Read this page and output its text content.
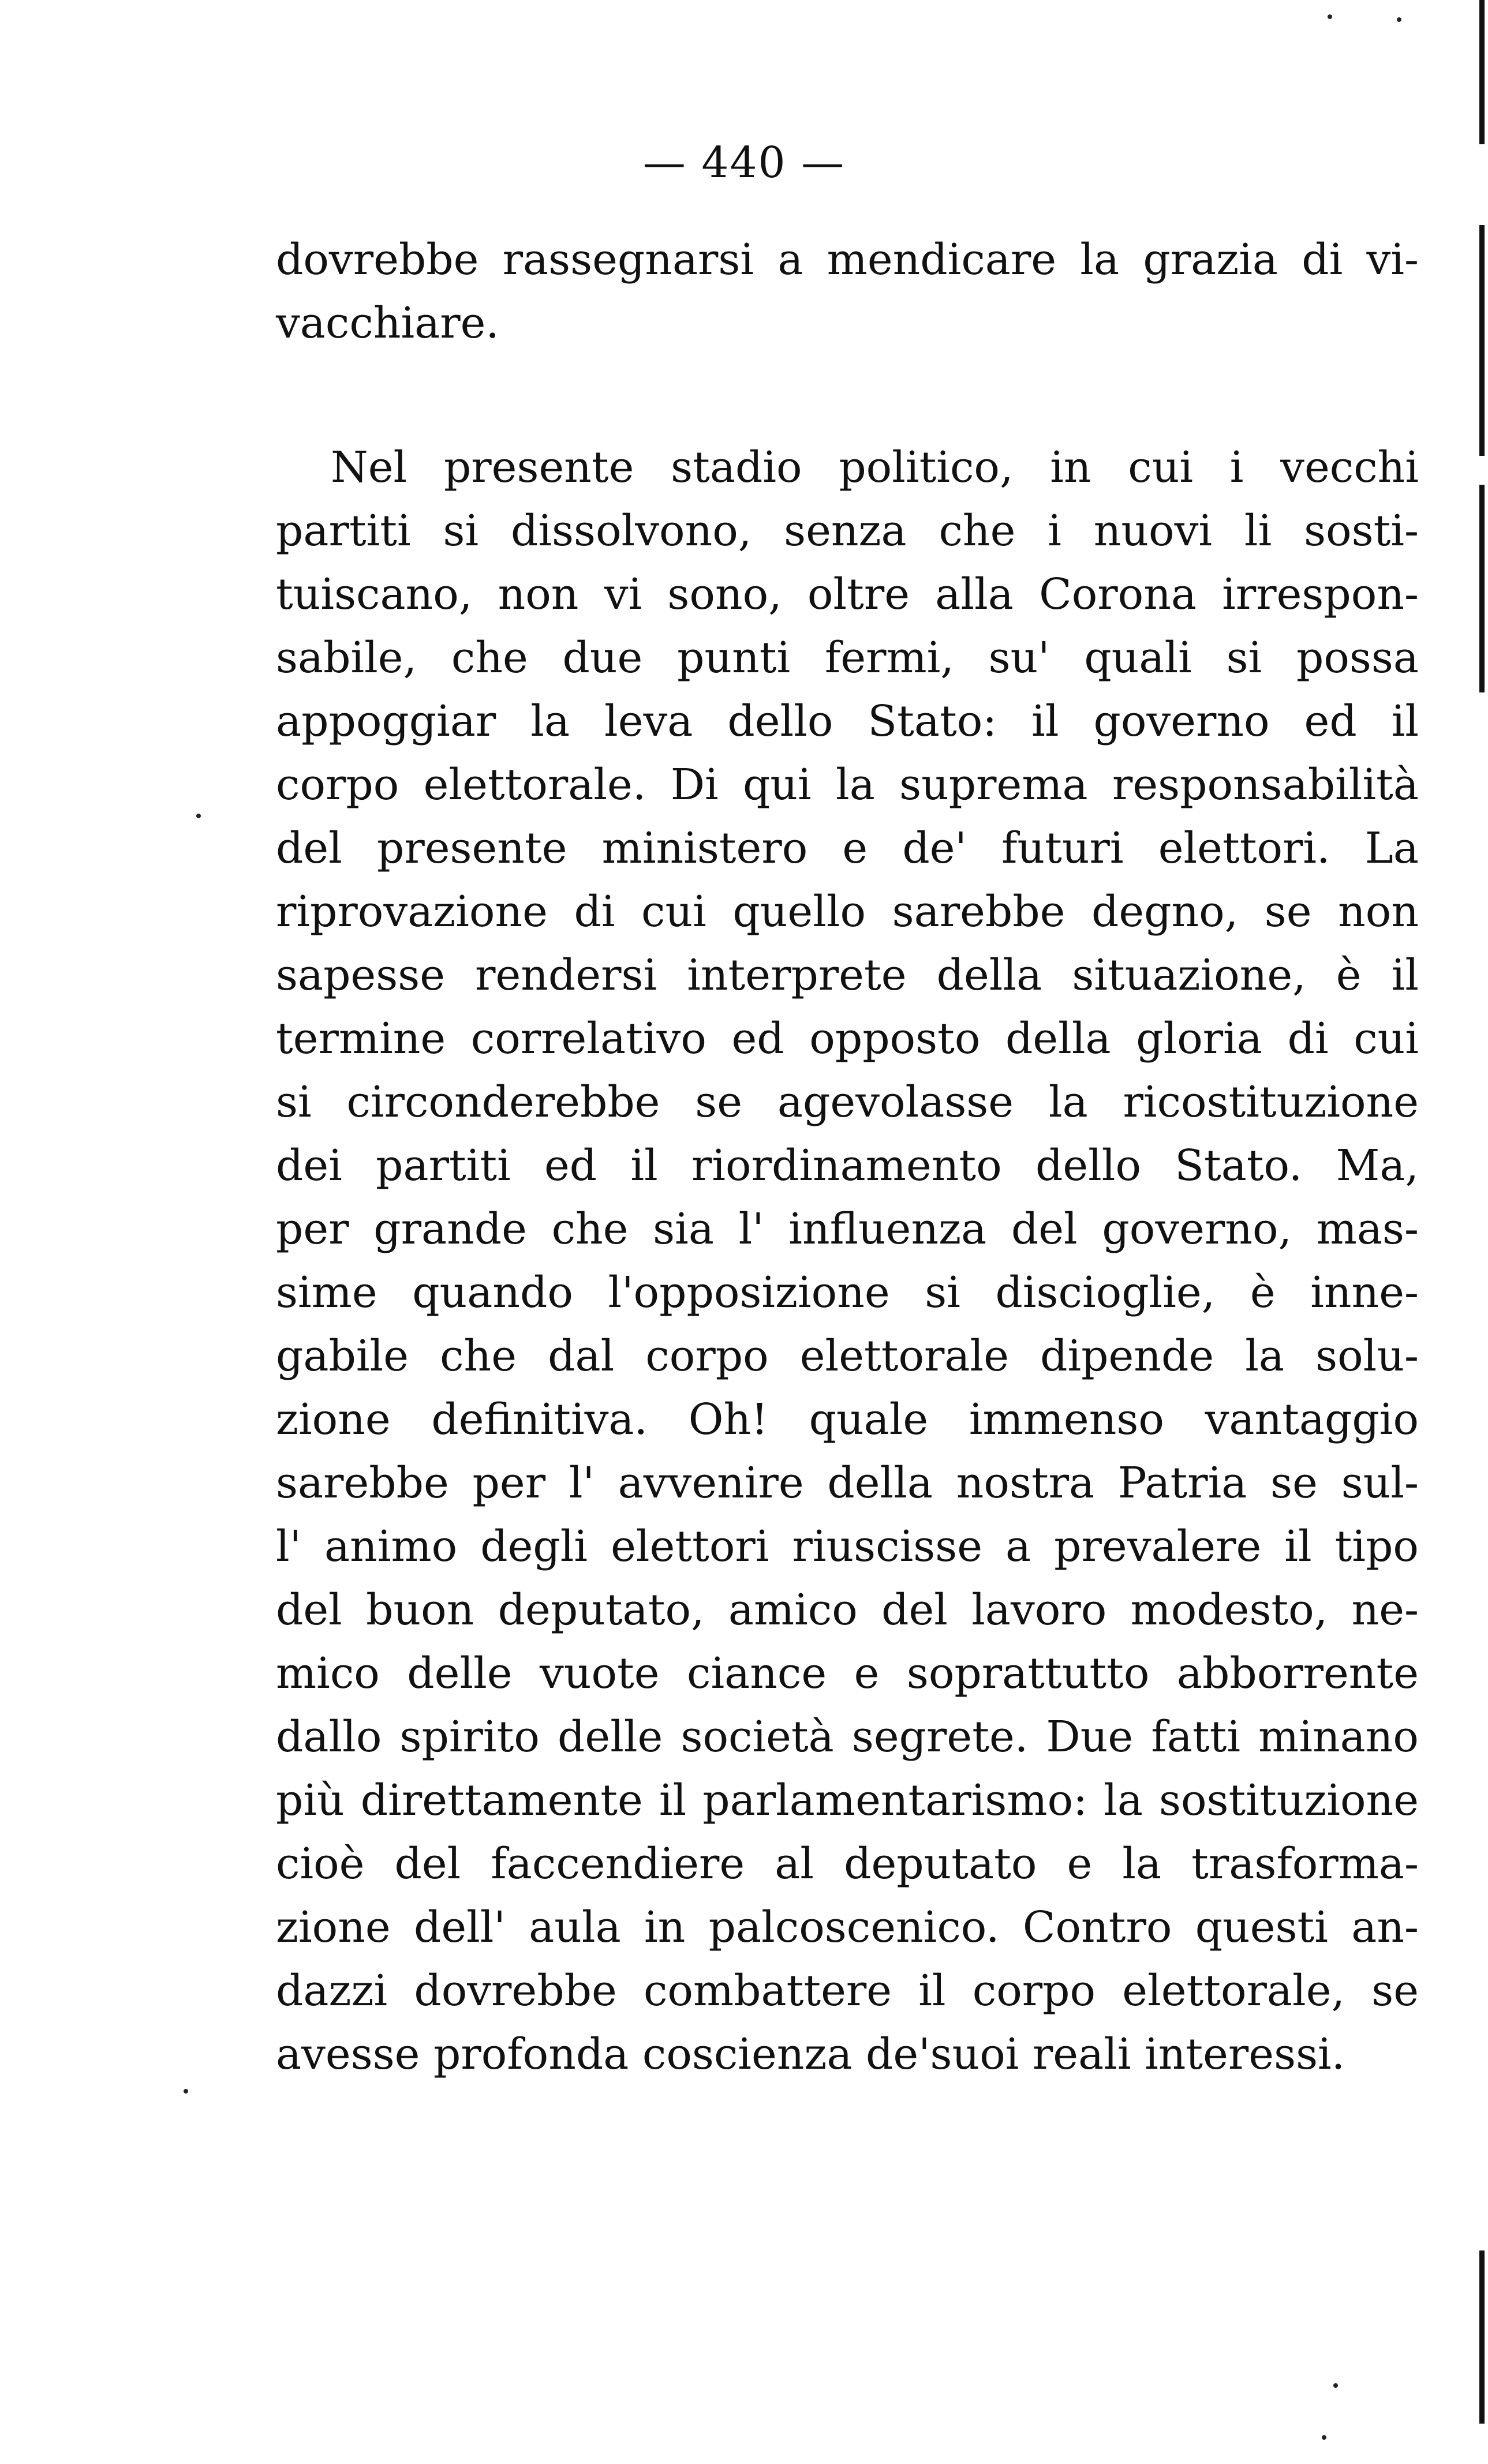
— 440 —
dovrebbe rassegnarsi a mendicare la grazia di vi-
vacchiare.
Nel presente stadio politico, in cui i vecchi
partiti si dissolvono, senza che i nuovi li sosti-
tuiscano, non vi sono, oltre alla Corona irrespon-
sabile, che due punti fermi, su' quali si possa
appoggiar la leva dello Stato: il governo ed il
corpo elettorale. Di qui la suprema responsabilità
del presente ministero e de' futuri elettori. La
riprovazione di cui quello sarebbe degno, se non
sapesse rendersi interprete della situazione, è il
termine correlativo ed opposto della gloria di cui
si circonderebbe se agevolasse la ricostituzione
dei partiti ed il riordinamento dello Stato. Ma,
per grande che sia l' influenza del governo, mas-
sime quando l'opposizione si discioglie, è inne-
gabile che dal corpo elettorale dipende la solu-
zione definitiva. Oh! quale immenso vantaggio
sarebbe per l' avvenire della nostra Patria se sul-
l' animo degli elettori riuscisse a prevalere il tipo
del buon deputato, amico del lavoro modesto, ne-
mico delle vuote ciance e soprattutto abborrente
dallo spirito delle società segrete. Due fatti minano
più direttamente il parlamentarismo: la sostituzione
cioè del faccendiere al deputato e la trasforma-
zione dell' aula in palcoscenico. Contro questi an-
dazzi dovrebbe combattere il corpo elettorale, se
avesse profonda coscienza de'suoi reali interessi.
